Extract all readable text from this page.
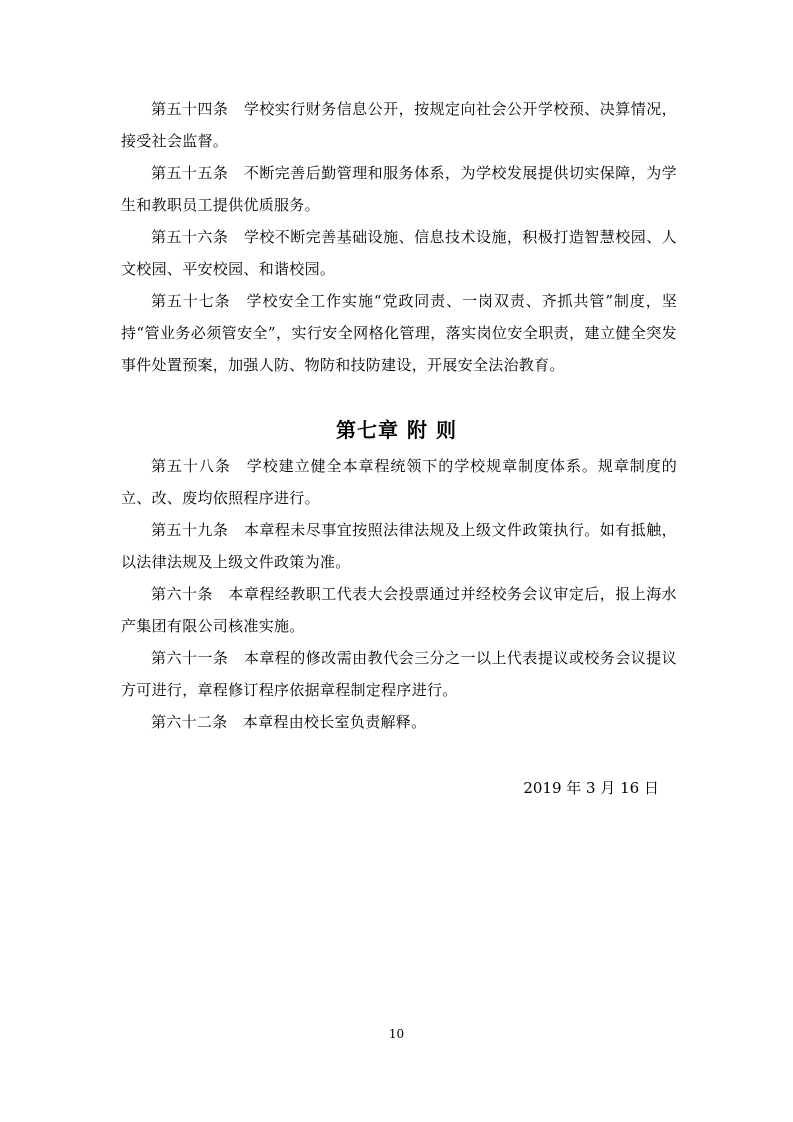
第五十四条　学校实行财务信息公开，按规定向社会公开学校预、决算情况，接受社会监督。

第五十五条　不断完善后勤管理和服务体系，为学校发展提供切实保障，为学生和教职员工提供优质服务。

第五十六条　学校不断完善基础设施、信息技术设施，积极打造智慧校园、人文校园、平安校园、和谐校园。

第五十七条　学校安全工作实施“党政同责、一岗双责、齐抓共管”制度，坚持“管业务必须管安全”，实行安全网格化管理，落实岗位安全职责，建立健全突发事件处置预案，加强人防、物防和技防建设，开展安全法治教育。

第七章 附 则

第五十八条　学校建立健全本章程统领下的学校规章制度体系。规章制度的立、改、废均依照程序进行。

第五十九条　本章程未尽事宜按照法律法规及上级文件政策执行。如有抵触，以法律法规及上级文件政策为准。

第六十条　本章程经教职工代表大会投票通过并经校务会议审定后，报上海水产集团有限公司核准实施。

第六十一条　本章程的修改需由教代会三分之一以上代表提议或校务会议提议方可进行，章程修订程序依据章程制定程序进行。

第六十二条　本章程由校长室负责解释。

2019 年 3 月 16 日

10
